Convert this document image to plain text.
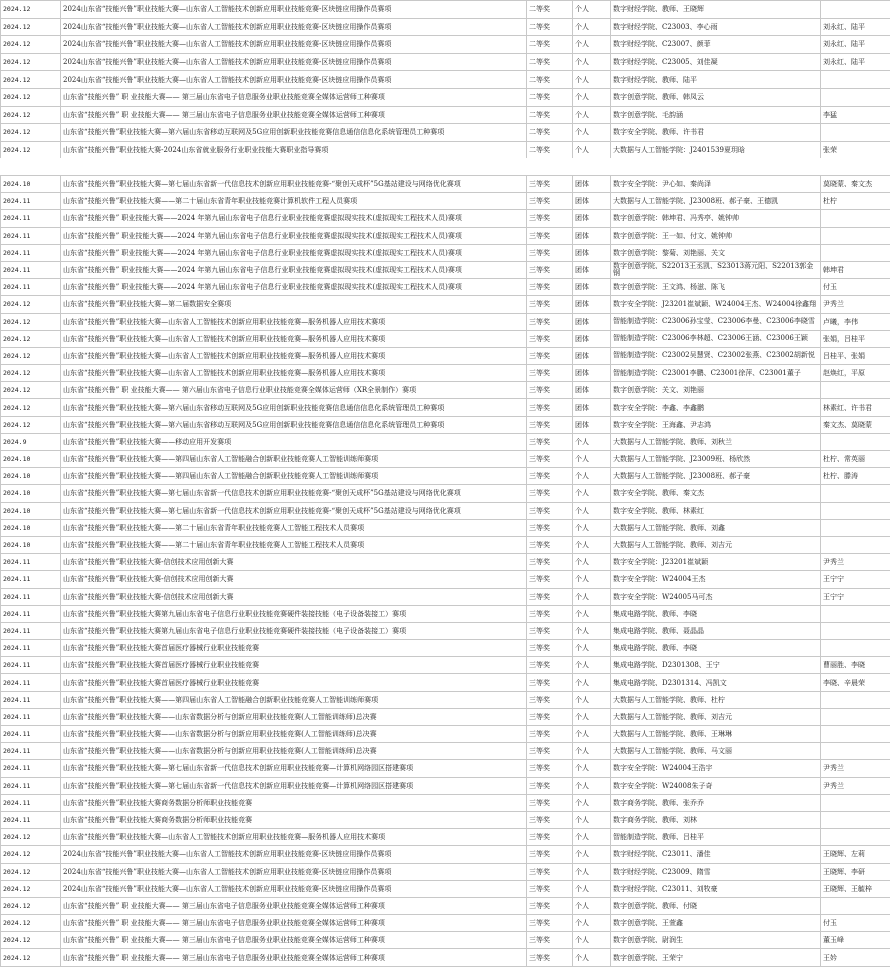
2024.12	2024山东省“技能兴鲁”职业技能大赛—山东省人工智能技术创新应用职业技能竞赛-区块链应用操作员赛项	二等奖	个人	数字财经学院、教师、王晓辉	
2024.12	2024山东省“技能兴鲁”职业技能大赛—山东省人工智能技术创新应用职业技能竞赛-区块链应用操作员赛项	二等奖	个人	数字财经学院、C23003、李心雨	刘永红、陆平
2024.12	2024山东省“技能兴鲁”职业技能大赛—山东省人工智能技术创新应用职业技能竞赛-区块链应用操作员赛项	二等奖	个人	数字财经学院、C23007、颜菲	刘永红、陆平
2024.12	2024山东省“技能兴鲁”职业技能大赛—山东省人工智能技术创新应用职业技能竞赛-区块链应用操作员赛项	二等奖	个人	数字财经学院、C23005、刘佳凝	刘永红、陆平
2024.12	2024山东省“技能兴鲁”职业技能大赛—山东省人工智能技术创新应用职业技能竞赛-区块链应用操作员赛项	二等奖	个人	数字财经学院、教师、陆平	
2024.12	山东省“技能兴鲁” 职 业技能大赛—— 第三届山东省电子信息服务业职业技能竞赛全媒体运营师工种赛项	二等奖	个人	数字创意学院、教师、韩凤云	
2024.12	山东省“技能兴鲁” 职 业技能大赛—— 第三届山东省电子信息服务业职业技能竞赛全媒体运营师工种赛项	二等奖	个人	数字创意学院、毛韵涵	李猛
2024.12	山东省“技能兴鲁”职业技能大赛—第六届山东省移动互联网及5G应用创新职业技能竞赛信息通信信息化系统管理员工种赛项	二等奖	个人	数字安全学院、教师、许书君	
2024.12	山东省“技能兴鲁”职业技能大赛-2024山东省就业服务行业职业技能大赛职业指导赛项	二等奖	个人	大数据与人工智能学院：J2401539夏玥晗	张荣
2024.10	山东省“技能兴鲁”职业技能大赛—第七届山东省新一代信息技术创新应用职业技能竞赛-“聚创天成杯”5G基站建设与网络优化赛项	三等奖	团体	数字安全学院：尹心如、秦尚泽	莫晓蒙、秦文杰
2024.11	山东省“技能兴鲁”职业技能大赛——第二十届山东省青年职业技能竞赛计算机软件工程人员赛项	三等奖	团体	大数据与人工智能学院、J23008班、郝子豪、王德凯	杜柠
2024.11	山东省“技能兴鲁” 职业技能大赛——2024 年第九届山东省电子信息行业职业技能竞赛虚拟现实技术(虚拟现实工程技术人员)赛项	三等奖	团体	数字创意学院：韩坤君、冯秀亭、姚钟帅	
2024.11	山东省“技能兴鲁” 职业技能大赛——2024 年第九届山东省电子信息行业职业技能竞赛虚拟现实技术(虚拟现实工程技术人员)赛项	三等奖	团体	数字创意学院：王一如、付文、姚钟帅	
2024.11	山东省“技能兴鲁” 职业技能大赛——2024 年第九届山东省电子信息行业职业技能竞赛虚拟现实技术(虚拟现实工程技术人员)赛项	三等奖	团体	数字创意学院：黎菊、刘艳丽、关文	
2024.11	山东省“技能兴鲁” 职业技能大赛——2024 年第九届山东省电子信息行业职业技能竞赛虚拟现实技术(虚拟现实工程技术人员)赛项	三等奖	团体	数字创意学院、S22013王丞凯、S23013蒋元阳、S22013郭金钢	韩坤君
2024.11	山东省“技能兴鲁” 职业技能大赛——2024 年第九届山东省电子信息行业职业技能竞赛虚拟现实技术(虚拟现实工程技术人员)赛项	三等奖	团体	数字创意学院：王文鸿、杨滋、陈飞	付玉
2024.12	山东省“技能兴鲁”职业技能大赛—第二届数据安全赛项	三等奖	团体	数字安全学院：J23201崔斌颖、W24004王杰、W24004徐鑫翔	尹秀兰
2024.12	山东省“技能兴鲁”职业技能大赛—山东省人工智能技术创新应用职业技能竞赛—服务机器人应用技术赛项	三等奖	团体	智能制造学院：C23006孙宝莹、C23006李曼、C23006李晓雪	卢曦，李伟
2024.12	山东省“技能兴鲁”职业技能大赛—山东省人工智能技术创新应用职业技能竞赛—服务机器人应用技术赛项	三等奖	团体	智能制造学院：C23006李林超、C23006王涵、C23006王颖	张娟，吕桂平
2024.12	山东省“技能兴鲁”职业技能大赛—山东省人工智能技术创新应用职业技能竞赛—服务机器人应用技术赛项	三等奖	团体	智能制造学院：C23002吴慧贤、C23002张燕、C23002胡新悦	吕桂平、张娟
2024.12	山东省“技能兴鲁”职业技能大赛—山东省人工智能技术创新应用职业技能竞赛—服务机器人应用技术赛项	三等奖	团体	智能制造学院：C23001李鹏、C23001徐萍、C23001董子	赵焕红，平原
2024.12	山东省“技能兴鲁” 职 业技能大赛—— 第六届山东省电子信息行业职业技能竞赛全媒体运营师（XR全景制作）赛项	三等奖	团体	数字创意学院：关文、刘艳丽	
2024.12	山东省“技能兴鲁”职业技能大赛—第六届山东省移动互联网及5G应用创新职业技能竞赛信息通信信息化系统管理员工种赛项	三等奖	团体	数字安全学院：李鑫、李鑫鹏	林素红、许书君
2024.12	山东省“技能兴鲁”职业技能大赛—第六届山东省移动互联网及5G应用创新职业技能竞赛信息通信信息化系统管理员工种赛项	三等奖	团体	数字安全学院：王海鑫、尹志鸿	秦文杰、莫晓蒙
2024.9	山东省“技能兴鲁”职业技能大赛——移动应用开发赛项	三等奖	个人	大数据与人工智能学院、教师、刘秋兰	
2024.10	山东省“技能兴鲁”职业技能大赛——第四届山东省人工智能融合创新职业技能竞赛人工智能训练师赛项	三等奖	个人	大数据与人工智能学院、J23009班、杨欣然	杜柠、常英丽
2024.10	山东省“技能兴鲁”职业技能大赛——第四届山东省人工智能融合创新职业技能竞赛人工智能训练师赛项	三等奖	个人	大数据与人工智能学院、J23008班、郝子豪	杜柠、滕涛
2024.10	山东省“技能兴鲁”职业技能大赛—第七届山东省新一代信息技术创新应用职业技能竞赛-“聚创天成杯”5G基站建设与网络优化赛项	三等奖	个人	数字安全学院、教师、秦文杰	
2024.10	山东省“技能兴鲁”职业技能大赛—第七届山东省新一代信息技术创新应用职业技能竞赛-“聚创天成杯”5G基站建设与网络优化赛项	三等奖	个人	数字安全学院、教师、林素红	
2024.10	山东省“技能兴鲁”职业技能大赛——第二十届山东省青年职业技能竞赛人工智能工程技术人员赛项	三等奖	个人	大数据与人工智能学院、教师、刘鑫	
2024.10	山东省“技能兴鲁”职业技能大赛——第二十届山东省青年职业技能竞赛人工智能工程技术人员赛项	三等奖	个人	大数据与人工智能学院、教师、刘吉元	
2024.11	山东省“技能兴鲁”职业技能大赛-信创技术应用创新大赛	三等奖	个人	数字安全学院：J23201崔斌颖	尹秀兰
2024.11	山东省“技能兴鲁”职业技能大赛-信创技术应用创新大赛	三等奖	个人	数字安全学院：W24004王杰	王宁宁
2024.11	山东省“技能兴鲁”职业技能大赛-信创技术应用创新大赛	三等奖	个人	数字安全学院：W24005马可杰	王宁宁
2024.11	山东省“技能兴鲁”职业技能大赛第九届山东省电子信息行业职业技能竞赛硬件装接技能（电子设备装接工）赛项	三等奖	个人	集成电路学院、教师、李晓	
2024.11	山东省“技能兴鲁”职业技能大赛第九届山东省电子信息行业职业技能竞赛硬件装接技能（电子设备装接工）赛项	三等奖	个人	集成电路学院、教师、聂晶晶	
2024.11	山东省“技能兴鲁”职业技能大赛首届医疗器械行业职业技能竞赛	三等奖	个人	集成电路学院、教师、李晓	
2024.11	山东省“技能兴鲁”职业技能大赛首届医疗器械行业职业技能竞赛	三等奖	个人	集成电路学院、D2301308、王宁	曹丽胜、李晓
2024.11	山东省“技能兴鲁”职业技能大赛首届医疗器械行业职业技能竞赛	三等奖	个人	集成电路学院、D2301314、冯凯文	李晓、辛晨荣
2024.11	山东省“技能兴鲁”职业技能大赛——第四届山东省人工智能融合创新职业技能竞赛人工智能训练师赛项	三等奖	个人	大数据与人工智能学院、教师、杜柠	
2024.11	山东省“技能兴鲁”职业技能大赛——山东省数据分析与创新应用职业技能竞赛(人工智能训练师)总决赛	三等奖	个人	大数据与人工智能学院、教师、刘吉元	
2024.11	山东省“技能兴鲁”职业技能大赛——山东省数据分析与创新应用职业技能竞赛(人工智能训练师)总决赛	三等奖	个人	大数据与人工智能学院、教师、王琳琳	
2024.11	山东省“技能兴鲁”职业技能大赛——山东省数据分析与创新应用职业技能竞赛(人工智能训练师)总决赛	三等奖	个人	大数据与人工智能学院、教师、马文丽	
2024.11	山东省“技能兴鲁”职业技能大赛—第七届山东省新一代信息技术创新应用职业技能竞赛—计算机网络园区搭建赛项	三等奖	个人	数字安全学院：W24004王浩宇	尹秀兰
2024.11	山东省“技能兴鲁”职业技能大赛—第七届山东省新一代信息技术创新应用职业技能竞赛—计算机网络园区搭建赛项	三等奖	个人	数字安全学院：W24008朱子奇	尹秀兰
2024.11	山东省“技能兴鲁”职业技能大赛商务数据分析师职业技能竞赛	三等奖	个人	数字商务学院、教师、张乔乔	
2024.11	山东省“技能兴鲁”职业技能大赛商务数据分析师职业技能竞赛	三等奖	个人	数字商务学院、教师、刘林	
2024.12	山东省“技能兴鲁”职业技能大赛—山东省人工智能技术创新应用职业技能竞赛—服务机器人应用技术赛项	三等奖	个人	智能制造学院、教师、吕桂平	
2024.12	2024山东省“技能兴鲁”职业技能大赛—山东省人工智能技术创新应用职业技能竞赛-区块链应用操作员赛项	三等奖	个人	数字财经学院、C23011、潘佳	王晓辉、左莉
2024.12	2024山东省“技能兴鲁”职业技能大赛—山东省人工智能技术创新应用职业技能竞赛-区块链应用操作员赛项	三等奖	个人	数字财经学院、C23009、隋雪	王晓辉、李研
2024.12	2024山东省“技能兴鲁”职业技能大赛—山东省人工智能技术创新应用职业技能竞赛-区块链应用操作员赛项	三等奖	个人	数字财经学院、C23011、刘牧豪	王晓辉、王毓梓
2024.12	山东省“技能兴鲁” 职 业技能大赛—— 第三届山东省电子信息服务业职业技能竞赛全媒体运营师工种赛项	三等奖	个人	数字创意学院、教师、付晓	
2024.12	山东省“技能兴鲁” 职 业技能大赛—— 第三届山东省电子信息服务业职业技能竞赛全媒体运营师工种赛项	三等奖	个人	数字创意学院、王萱鑫	付玉
2024.12	山东省“技能兴鲁” 职 业技能大赛—— 第三届山东省电子信息服务业职业技能竞赛全媒体运营师工种赛项	三等奖	个人	数字创意学院、尉润生	董玉峰
2024.12	山东省“技能兴鲁” 职 业技能大赛—— 第三届山东省电子信息服务业职业技能竞赛全媒体运营师工种赛项	三等奖	个人	数字创意学院、王荣宁	王妗
